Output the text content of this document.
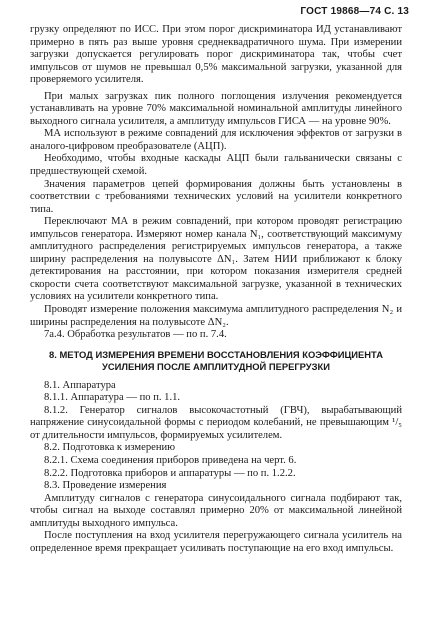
ГОСТ 19868—74 С. 13

грузку определяют по ИСС. При этом порог дискриминатора ИД устанавливают примерно в пять раз выше уровня среднеквадратичного шума. При измерении загрузки допускается регулировать порог дискриминатора так, чтобы счет импульсов от шумов не превышал 0,5% максимальной загрузки, указанной для проверяемого усилителя.

При малых загрузках пик полного поглощения излучения рекомендуется устанавливать на уровне 70% максимальной номинальной амплитуды линейного выходного сигнала усилителя, а амплитуду импульсов ГИСА — на уровне 90%.

МА используют в режиме совпадений для исключения эффектов от загрузки в аналого-цифровом преобразователе (АЦП).

Необходимо, чтобы входные каскады АЦП были гальванически связаны с предшествующей схемой.

Значения параметров цепей формирования должны быть установлены в соответствии с требованиями технических условий на усилители конкретного типа.

Переключают МА в режим совпадений, при котором проводят регистрацию импульсов генератора. Измеряют номер канала N₁, соответствующий максимуму амплитудного распределения регистрируемых импульсов генератора, а также ширину распределения на полувысоте ΔN₁. Затем НИИ приближают к блоку детектирования на расстоянии, при котором показания измерителя средней скорости счета соответствуют максимальной загрузке, указанной в технических условиях на усилители конкретного типа.

Проводят измерение положения максимума амплитудного распределения N₂ и ширины распределения на полувысоте ΔN₂.

7а.4. Обработка результатов — по п. 7.4.

8. МЕТОД ИЗМЕРЕНИЯ ВРЕМЕНИ ВОССТАНОВЛЕНИЯ КОЭФФИЦИЕНТА УСИЛЕНИЯ ПОСЛЕ АМПЛИТУДНОЙ ПЕРЕГРУЗКИ

8.1. Аппаратура

8.1.1. Аппаратура — по п. 1.1.

8.1.2. Генератор сигналов высокочастотный (ГВЧ), вырабатывающий напряжение синусоидальной формы с периодом колебаний, не превышающим ¹/₅ от длительности импульсов, формируемых усилителем.

8.2. Подготовка к измерению

8.2.1. Схема соединения приборов приведена на черт. 6.

8.2.2. Подготовка приборов и аппаратуры — по п. 1.2.2.

8.3. Проведение измерения

Амплитуду сигналов с генератора синусоидального сигнала подбирают так, чтобы сигнал на выходе составлял примерно 20% от максимальной линейной амплитуды выходного импульса.

После поступления на вход усилителя перегружающего сигнала усилитель на определенное время прекращает усиливать поступающие на его вход импульсы.
